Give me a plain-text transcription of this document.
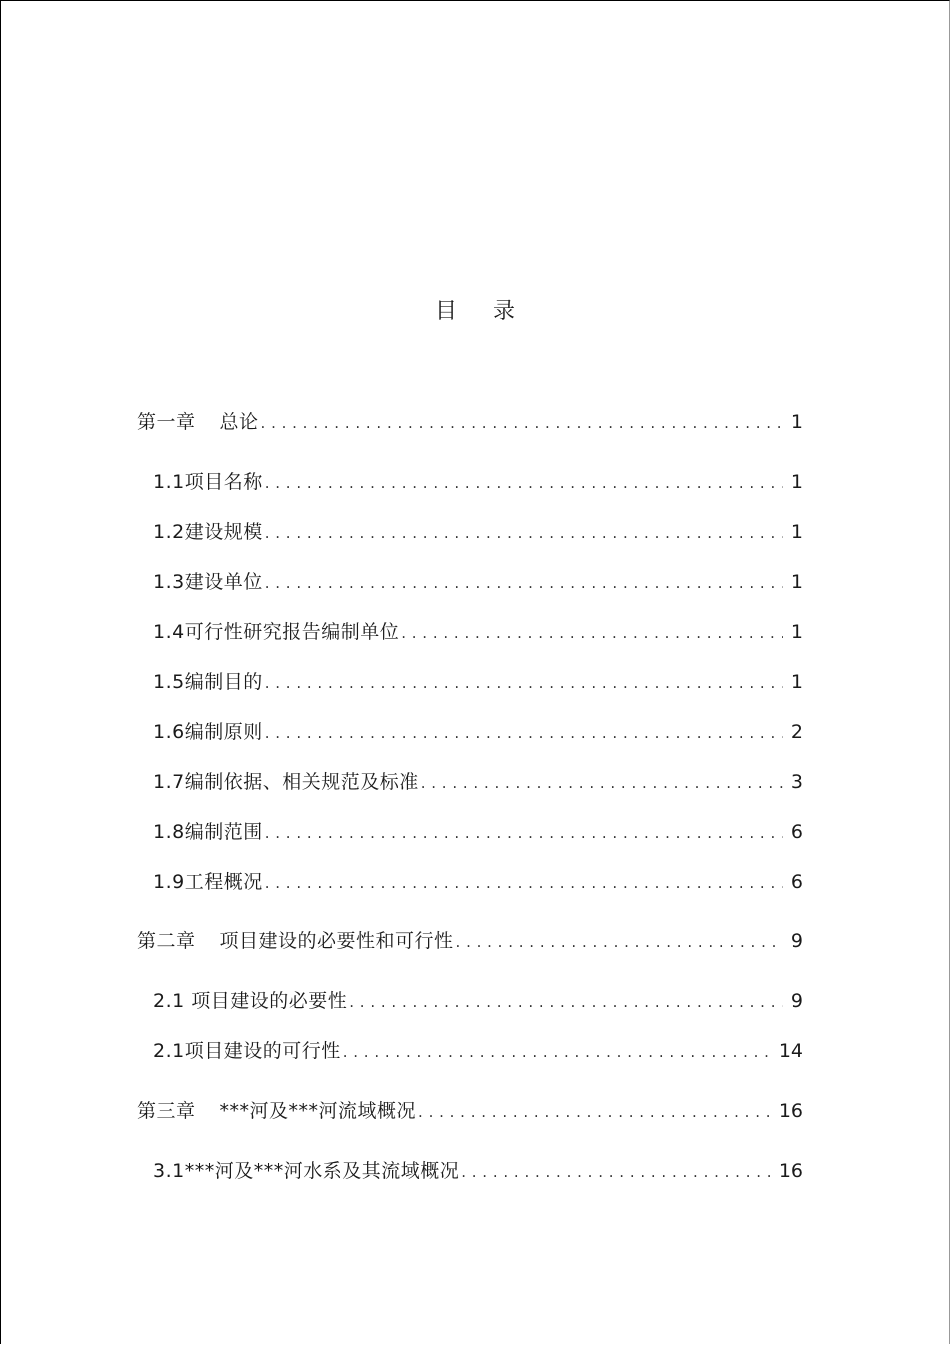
目录
第一章 总论 . . .	1
1.1项目名称 . . .	1
1.2建设规模 . . .	1
1.3建设单位 . . .	1
1.4可行性研究报告编制单位 . . .	1
1.5编制目的 . . .	1
1.6编制原则 . . .	2
1.7编制依据、相关规范及标准 . . .	3
1.8编制范围 . . .	6
1.9工程概况 . . .	6
第二章 项目建设的必要性和可行性 . . .	9
2.1 项目建设的必要性 . . .	9
2.1项目建设的可行性 . . .	14
第三章 ***河及***河流域概况 . . .	16
3.1***河及***河水系及其流域概况 . . .	16
